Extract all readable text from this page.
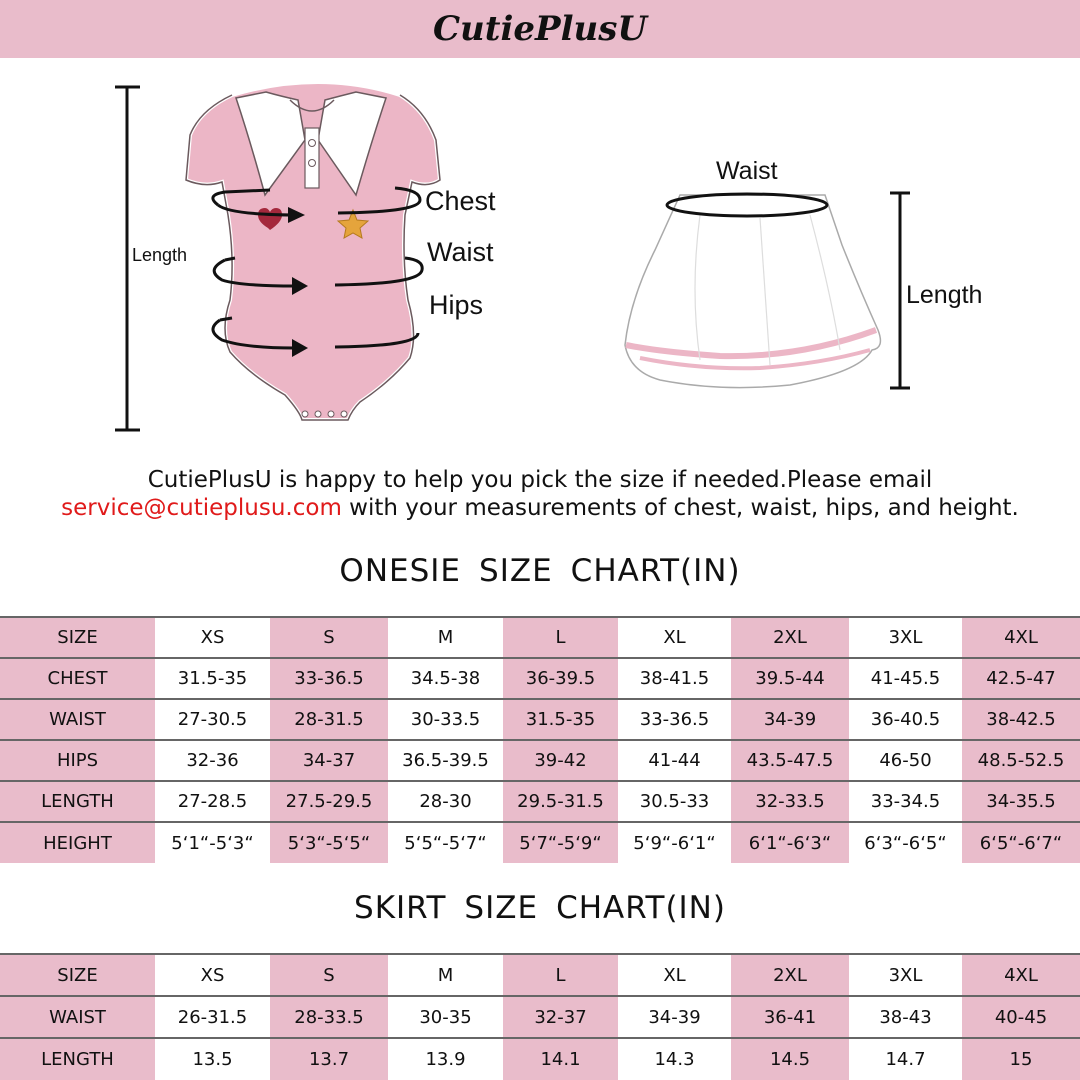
CutiePlusU
Length
Chest
Waist
Hips
Waist
Length
CutiePlusU is happy to help you pick the size if needed.Please email
service@cutieplusu.com with your measurements of chest, waist, hips, and height.
ONESIE SIZE CHART(IN)
SIZE	XS	S	M	L	XL	2XL	3XL	4XL
CHEST	31.5-35	33-36.5	34.5-38	36-39.5	38-41.5	39.5-44	41-45.5	42.5-47
WAIST	27-30.5	28-31.5	30-33.5	31.5-35	33-36.5	34-39	36-40.5	38-42.5
HIPS	32-36	34-37	36.5-39.5	39-42	41-44	43.5-47.5	46-50	48.5-52.5
LENGTH	27-28.5	27.5-29.5	28-30	29.5-31.5	30.5-33	32-33.5	33-34.5	34-35.5
HEIGHT	5‘1“-5‘3“	5‘3“-5‘5“	5‘5“-5‘7“	5‘7“-5‘9“	5‘9“-6‘1“	6‘1“-6‘3“	6‘3“-6‘5“	6‘5“-6‘7“
SKIRT SIZE CHART(IN)
SIZE	XS	S	M	L	XL	2XL	3XL	4XL
WAIST	26-31.5	28-33.5	30-35	32-37	34-39	36-41	38-43	40-45
LENGTH	13.5	13.7	13.9	14.1	14.3	14.5	14.7	15
